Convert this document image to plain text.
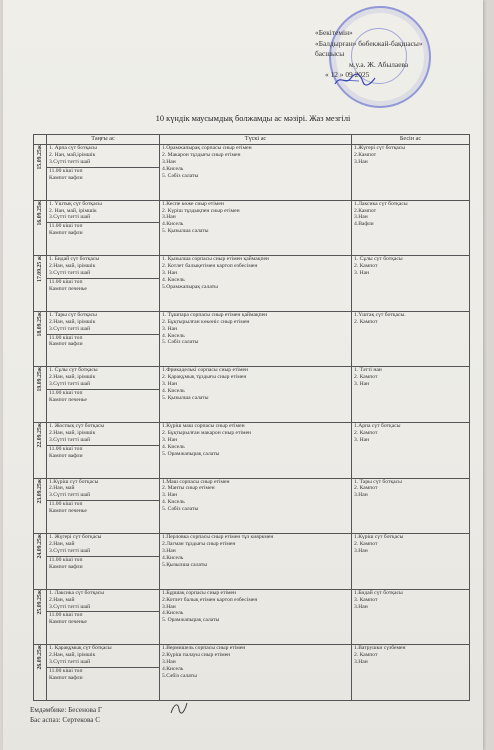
«Бекітемін»
«Балдырған» бөбекжай-бақшасы»
басшысы
м.у.а. Ж. Абылаева
« 12 » 09 2025
10 күндік маусымдық болжамды ас мәзірі. Жаз мезгілі
	Таңғы ас	Түскі ас	Бесін ас
15.09.25ж	1. Арпа сүт ботқасы
2. Нан, май,ірімшік
3.Сүтті тәтті шай
11.00 кіші топ
Кампот вафли	1.Орамжапырақ сорпасы сиыр етімен
2. Макарон тұздығы сиыр етімен
3.Нан
4.Кисель
5. Сәбіз салаты	1.Жүгері сүт ботқасы
2.Кампот
3.Нан

16.09.25ж	1. Үштық сүт ботқасы
2. Нан, май, ірімшік
3.Сүтті тәтті шай
11.00 кіші топ
Кампот вафли	1.Кеспе көже сиыр етімен
2. Күріш тұздықпен сиыр етімен
3.Нан
4.Кисель
5. Қызылша салаты	1.Лаксика сүт ботқасы
2.Кампот
3.Нан
4.Вафли

17.09.25 ж	1. Бидай сүт ботқасы
2.Нан, май, ірімшік
3.Сүтті тәтті шай
11.00 кіші топ
Кампот печенье	1. Қызылша сорпасы сиыр етімен қаймақпен
2. Котлет балықетімен картоп езбесімен
3. Нан
4. Кисель
5.Орамжапырақ салаты	1. Сұлы сүт ботқасы
2. Кампот
3. Нан

18.09.25ж	1. Тары сүт ботқасы
2.Нан, май, ірімшік
3.Сүтті тәтті шай
11.00 кіші топ
Кампот вафли	1. Тұшпара сорпасы сиыр етімен қаймақпен
2. Бұқтырылған көкөніс сиыр етімен
3. Нан
4. Кисель
5. Сәбіз салаты	1.Үштақ сүт ботқасы.
2. Кампот

19.09.25ж	1. Сұлы сүт ботқасы
2.Нан, май, ірімшік
3.Сүтті тәтті шай
11.00 кіші топ
Кампот печенье	1.Фрикаделькі сорпасы сиыр етімен
2. Қарақұмық тұздығы сиыр етімен
3. Нан
4. Кисель
5. Қызылша салаты	1. Тәтті нан
2. Кампот
3. Нан

22.09.25ж	1. Жоспық сүт ботқасы
2.Нан, май, ірімшік
3.Сүтті тәтті шай
11.00 кіші топ
Кампот вафли	1.Күріш маш сорпасы сиыр етімен
2. Бұқтырылған макарон сиыр етімен
3. Нан
4. Кисель
5. Орамжапырақ салаты	1.Арпа сүт ботқасы
2. Кампот
3. Нан

23.09.25ж	1.Күріш сүт ботқасы
2.Нан, май
3.Сүтті тәтті шай
11.00 кіші топ
Кампот печенье	1.Маш сорпасы сиыр етімен
2. Манты сиыр етімен
3. Нан
4. Кисель
5. Сәбіз салаты	1. Тары сүт ботқасы
2. Кампот
3.Нан

24.09.25ж	1. Жүгері сүт ботқасы
2.Нан, май
3.Сүтті тәтті шай
11.00 кіші топ
Кампот вафли	1.Перловка сорпасы сиыр етімен тұз кияркмен
2.Лагман тұздығы сиыр етімен
3.Нан
4.Кисель
5.Қызылша салаты	1.Күріш сүт ботқасы
2. Кампот
3.Нан

25.09.25ж	1. Лаксика сүт ботқасы
2.Нан, май
3.Сүтті тәтті шай
11.00 кіші топ
Кампот печенье	1.Бұршақ сорпасы сиыр етімен
2.Котлет балық етімен картоп езбесімен
3.Нан
4.Кисель
5. Орамжапырақ салаты	1.Бидай сүт ботқасы
3. Кампот
3.Нан

26.09.25ж	1. Қарақұмық сүт ботқасы
2.Нан, май, ірімшік
3.Сүтті тәтті шай
11.00 кіші топ
Кампот вафли	1.Вермишель сорпасы сиыр етімен
2.Күріш палауы сиыр етімен
3.Нан
4.Кисель
5.Сәбіз салаты	1.Ватрушки сүзбемен
2. Кампот
3.Нан
Емдәмбике: Бесенова Г
Бас аспаз: Сертекова С
